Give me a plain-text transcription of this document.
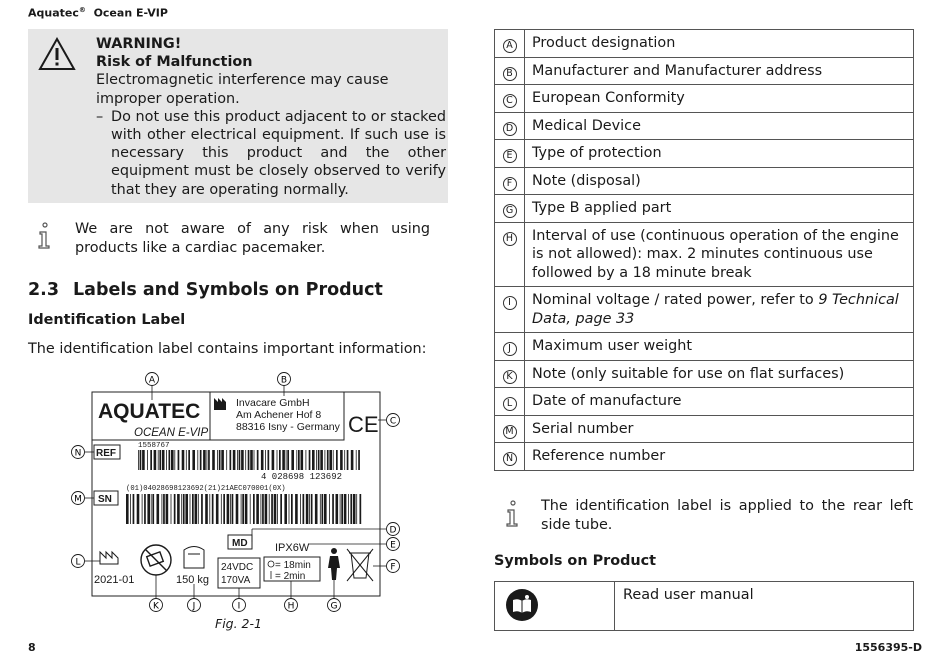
Aquatec® Ocean E-VIP
WARNING!
Risk of Malfunction
Electromagnetic interference may cause improper operation.
– Do not use this product adjacent to or stacked with other electrical equipment. If such use is necessary this product and the other equipment must be closely observed to verify that they are operating normally.
We are not aware of any risk when using products like a cardiac pacemaker.
2.3 Labels and Symbols on Product
Identification Label
The identification label contains important information:
AQUATEC
OCEAN E-VIP
Invacare GmbH
Am Achener Hof 8
88316 Isny - Germany CE
REF
1558767
4 028698 123692
(01)04028698123692(21)21AEC070001(0X)
SN
MD IPX6W
2021-01	150 kg
24VDC
170VA
= 18min
= 2min
A	B
C
D
E
F
G
H
I
J
K
L
M
N
Fig. 2-1
A	Product designation
B	Manufacturer and Manufacturer address
C	European Conformity
D	Medical Device
E	Type of protection
F	Note (disposal)
G	Type B applied part
H	Interval of use (continuous operation of the engine is not allowed): max. 2 minutes continuous use followed by a 18 minute break
I	Nominal voltage / rated power, refer to 9 Technical Data, page 33
J	Maximum user weight
K	Note (only suitable for use on flat surfaces)
L	Date of manufacture
M	Serial number
N	Reference number
The identification label is applied to the rear left side tube.
Symbols on Product
	Read user manual
8	1556395-D
